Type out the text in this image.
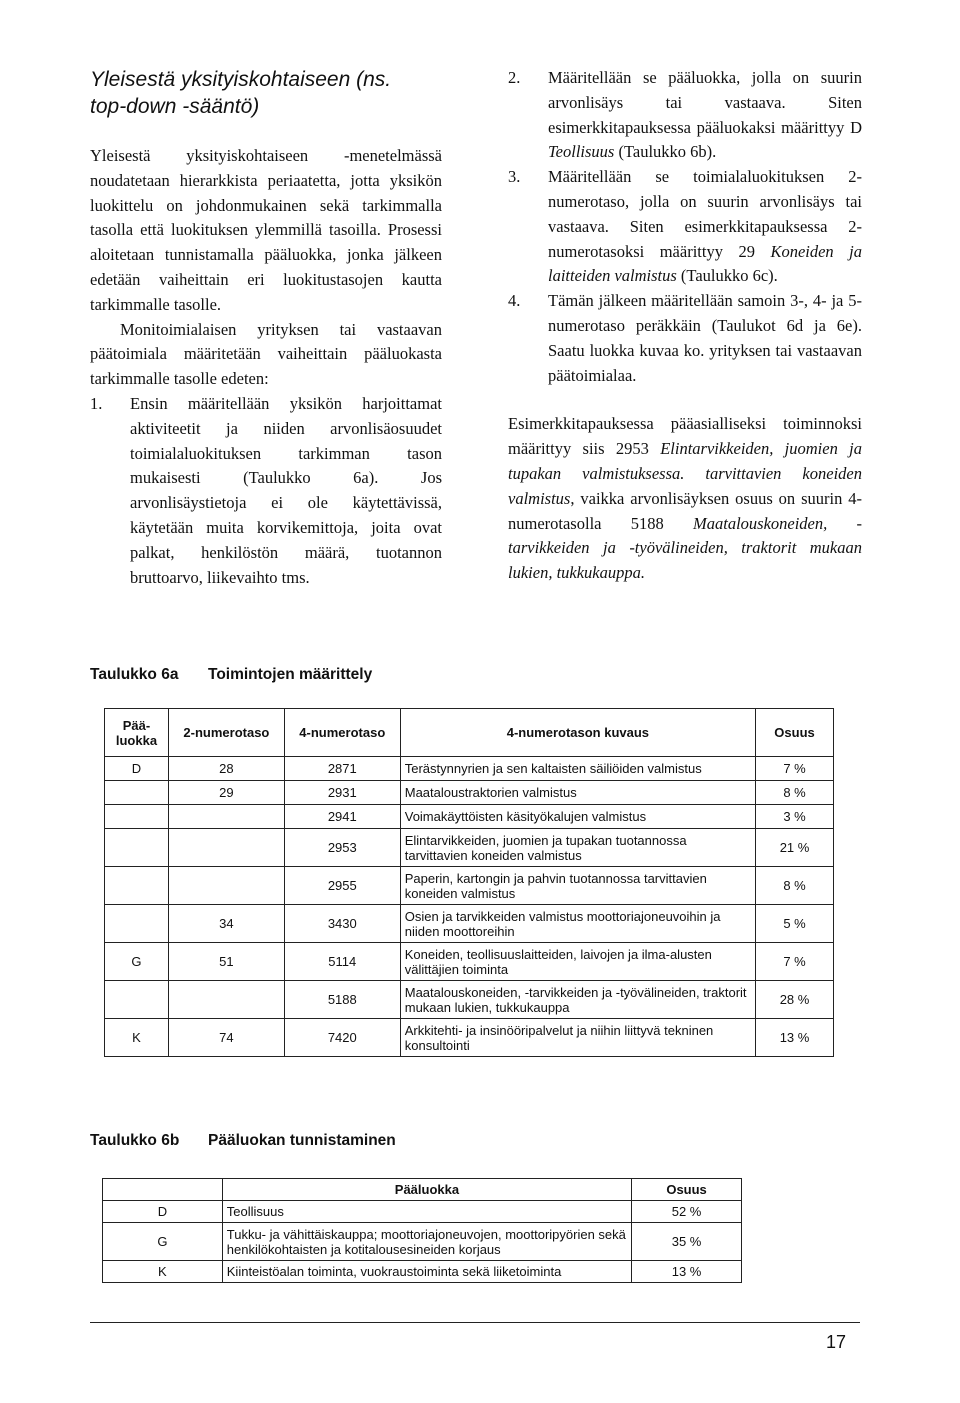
Yleisestä yksityiskohtaiseen (ns. top-down -sääntö)

Yleisestä yksityiskohtaiseen -menetelmässä noudatetaan hierarkkista periaatetta, jotta yksikön luokittelu on johdonmukainen sekä tarkimmalla tasolla että luokituksen ylemmillä tasoilla. Prosessi aloitetaan tunnistamalla pääluokka, jonka jälkeen edetään vaiheittain eri luokitustasojen kautta tarkimmalle tasolle.

Monitoimialaisen yrityksen tai vastaavan päätoimiala määritetään vaiheittain pääluokasta tarkimmalle tasolle edeten:

1. Ensin määritellään yksikön harjoittamat aktiviteetit ja niiden arvonlisäosuudet toimialaluokituksen tarkimman tason mukaisesti (Taulukko 6a). Jos arvonlisäystietoja ei ole käytettävissä, käytetään muita korvikemittoja, joita ovat palkat, henkilöstön määrä, tuotannon bruttoarvo, liikevaihto tms.
2. Määritellään se pääluokka, jolla on suurin arvonlisäys tai vastaava. Siten esimerkkitapauksessa pääluokaksi määrittyy D Teollisuus (Taulukko 6b).
3. Määritellään se toimialaluokituksen 2-numerotaso, jolla on suurin arvonlisäys tai vastaava. Siten esimerkkitapauksessa 2-numerotasoksi määrittyy 29 Koneiden ja laitteiden valmistus (Taulukko 6c).
4. Tämän jälkeen määritellään samoin 3-, 4- ja 5-numerotaso peräkkäin (Taulukot 6d ja 6e). Saatu luokka kuvaa ko. yrityksen tai vastaavan päätoimialaa.

Esimerkkitapauksessa pääasialliseksi toiminnoksi määrittyy siis 2953 Elintarvikkeiden, juomien ja tupakan valmistuksessa. tarvittavien koneiden valmistus, vaikka arvonlisäyksen osuus on suurin 4-numerotasolla 5188 Maatalouskoneiden, -tarvikkeiden ja -työvälineiden, traktorit mukaan lukien, tukkukauppa.

Taulukko 6a Toimintojen määrittely
Pää-luokka	2-numerotaso	4-numerotaso	4-numerotason kuvaus	Osuus
D	28	2871	Terästynnyrien ja sen kaltaisten säiliöiden valmistus	7 %
	29	2931	Maataloustraktorien valmistus	8 %
		2941	Voimakäyttöisten käsityökalujen valmistus	3 %
		2953	Elintarvikkeiden, juomien ja tupakan tuotannossa tarvittavien koneiden valmistus	21 %
		2955	Paperin, kartongin ja pahvin tuotannossa tarvittavien koneiden valmistus	8 %
	34	3430	Osien ja tarvikkeiden valmistus moottoriajoneuvoihin ja niiden moottoreihin	5 %
G	51	5114	Koneiden, teollisuuslaitteiden, laivojen ja ilma-alusten välittäjien toiminta	7 %
		5188	Maatalouskoneiden, -tarvikkeiden ja -työvälineiden, traktorit mukaan lukien, tukkukauppa	28 %
K	74	7420	Arkkitehti- ja insinööripalvelut ja niihin liittyvä tekninen konsultointi	13 %
Taulukko 6b Pääluokan tunnistaminen
	Pääluokka	Osuus
D	Teollisuus	52 %
G	Tukku- ja vähittäiskauppa; moottoriajoneuvojen, moottoripyörien sekä henkilökohtaisten ja kotitalousesineiden korjaus	35 %
K	Kiinteistöalan toiminta, vuokraustoiminta sekä liiketoiminta	13 %
17
